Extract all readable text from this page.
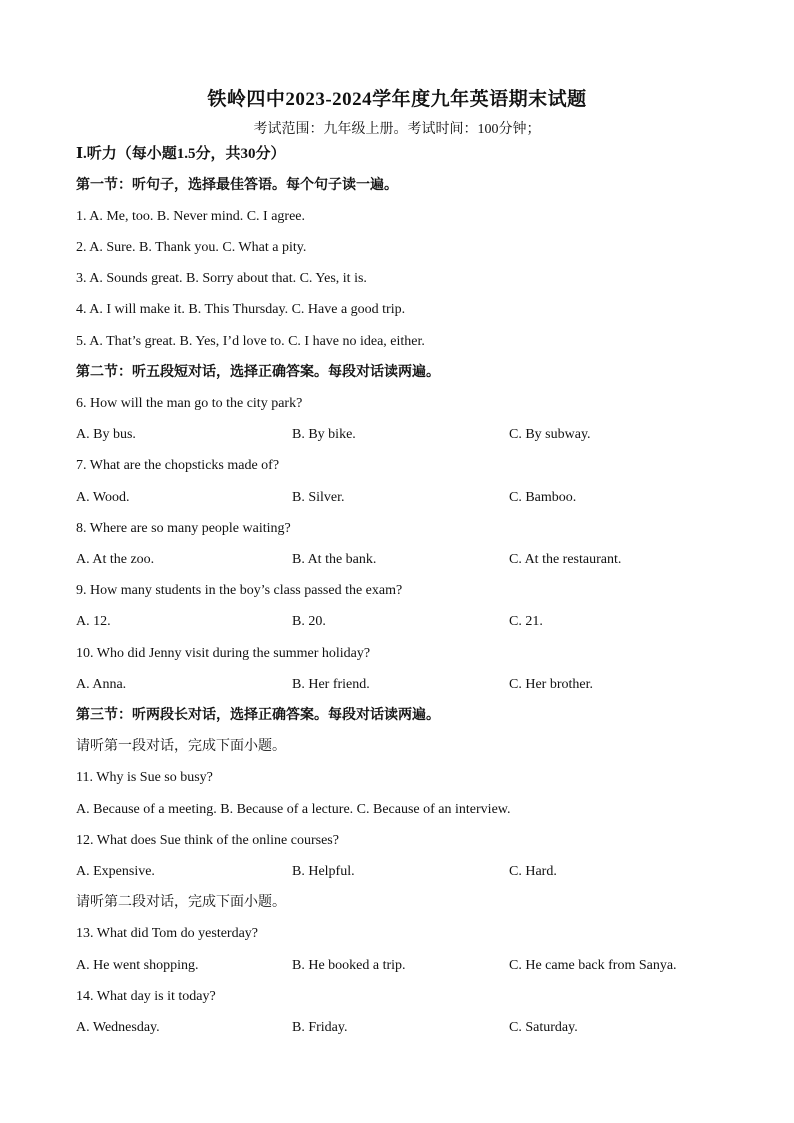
铁岭四中2023-2024学年度九年英语期末试题
考试范围：九年级上册。考试时间：100分钟；
Ⅰ.听力（每小题1.5分，共30分）
第一节：听句子，选择最佳答语。每个句子读一遍。
1. A. Me, too. B. Never mind. C. I agree.
2. A. Sure. B. Thank you. C. What a pity.
3. A. Sounds great. B. Sorry about that. C. Yes, it is.
4. A. I will make it. B. This Thursday. C. Have a good trip.
5. A. That’s great. B. Yes, I’d love to. C. I have no idea, either.
第二节：听五段短对话，选择正确答案。每段对话读两遍。
6. How will the man go to the city park?
A. By bus.	B. By bike.	C. By subway.
7. What are the chopsticks made of?
A. Wood.	B. Silver.	C. Bamboo.
8. Where are so many people waiting?
A. At the zoo.	B. At the bank.	C. At the restaurant.
9. How many students in the boy’s class passed the exam?
A. 12.	B. 20.	C. 21.
10. Who did Jenny visit during the summer holiday?
A. Anna.	B. Her friend.	C. Her brother.
第三节：听两段长对话，选择正确答案。每段对话读两遍。
请听第一段对话，完成下面小题。
11. Why is Sue so busy?
A. Because of a meeting. B. Because of a lecture. C. Because of an interview.
12. What does Sue think of the online courses?
A. Expensive.	B. Helpful.	C. Hard.
请听第二段对话，完成下面小题。
13. What did Tom do yesterday?
A. He went shopping.	B. He booked a trip.	C. He came back from Sanya.
14. What day is it today?
A. Wednesday.	B. Friday.	C. Saturday.
